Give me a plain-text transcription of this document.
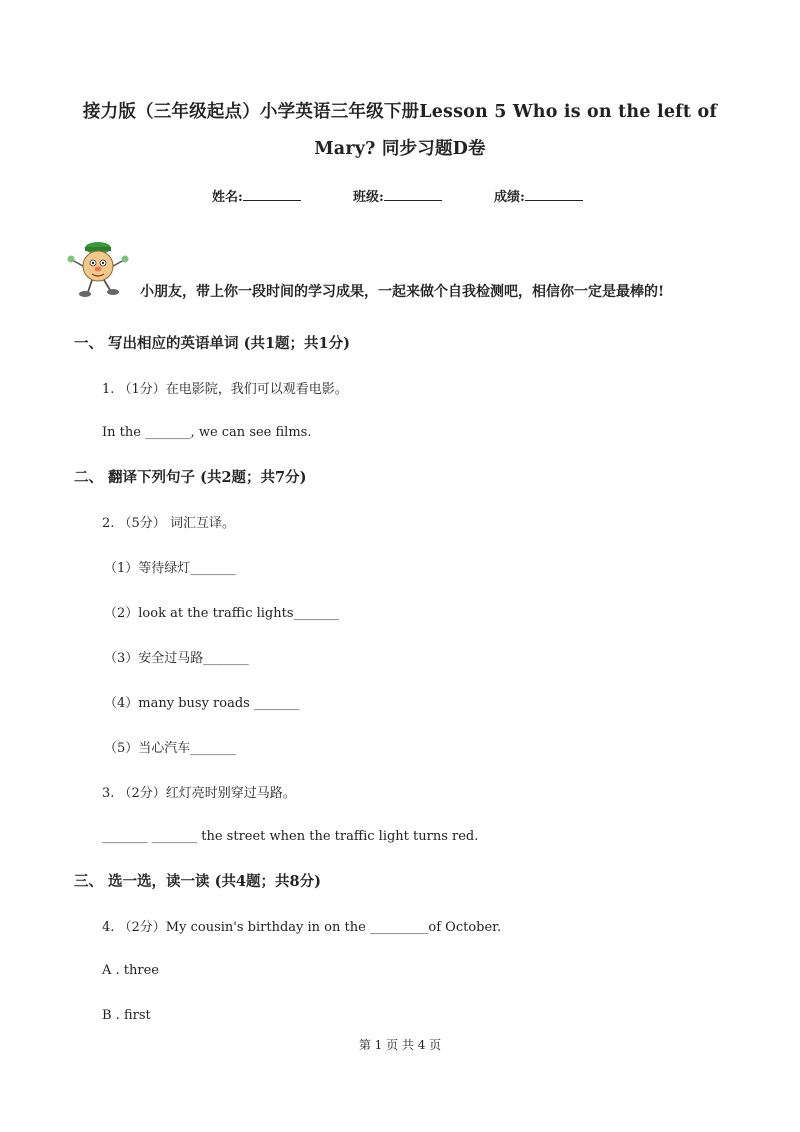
接力版（三年级起点）小学英语三年级下册Lesson 5 Who is on the left of
Mary? 同步习题D卷
姓名:	班级:	成绩:
小朋友，带上你一段时间的学习成果，一起来做个自我检测吧，相信你一定是最棒的!
一、 写出相应的英语单词 (共1题；共1分)
1. （1分）在电影院，我们可以观看电影。
In the _______, we can see films.
二、 翻译下列句子 (共2题；共7分)
2. （5分） 词汇互译。
（1）等待绿灯_______
（2）look at the traffic lights_______
（3）安全过马路_______
（4）many busy roads _______
（5）当心汽车_______
3. （2分）红灯亮时别穿过马路。
_______ _______ the street when the traffic light turns red.
三、 选一选，读一读 (共4题；共8分)
4. （2分）My cousin's birthday in on the _________of October.
A . three
B . first
第 1 页 共 4 页
